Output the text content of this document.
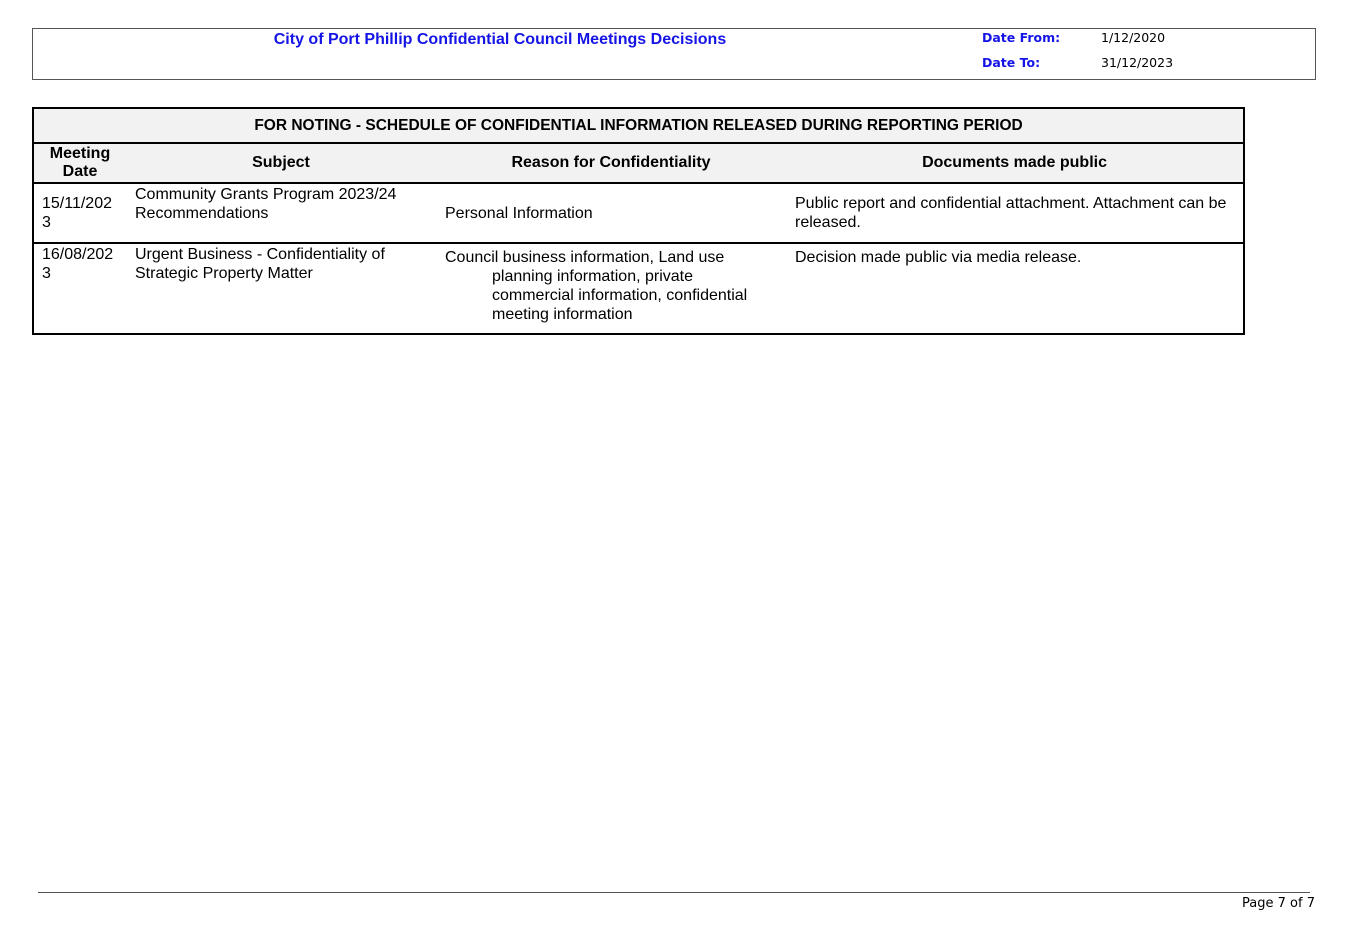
City of Port Phillip Confidential Council Meetings Decisions	Date From:	1/12/2020
Date To:	31/12/2023
FOR NOTING - SCHEDULE OF CONFIDENTIAL INFORMATION RELEASED DURING REPORTING PERIOD			
Meeting Date	Subject	Reason for Confidentiality	Documents made public
15/11/2023	Community Grants Program 2023/24 Recommendations	Personal Information	Public report and confidential attachment. Attachment can be released.
16/08/2023	Urgent Business - Confidentiality of Strategic Property Matter	Council business information, Land use planning information, private commercial information, confidential meeting information	Decision made public via media release.
Page 7 of 7
